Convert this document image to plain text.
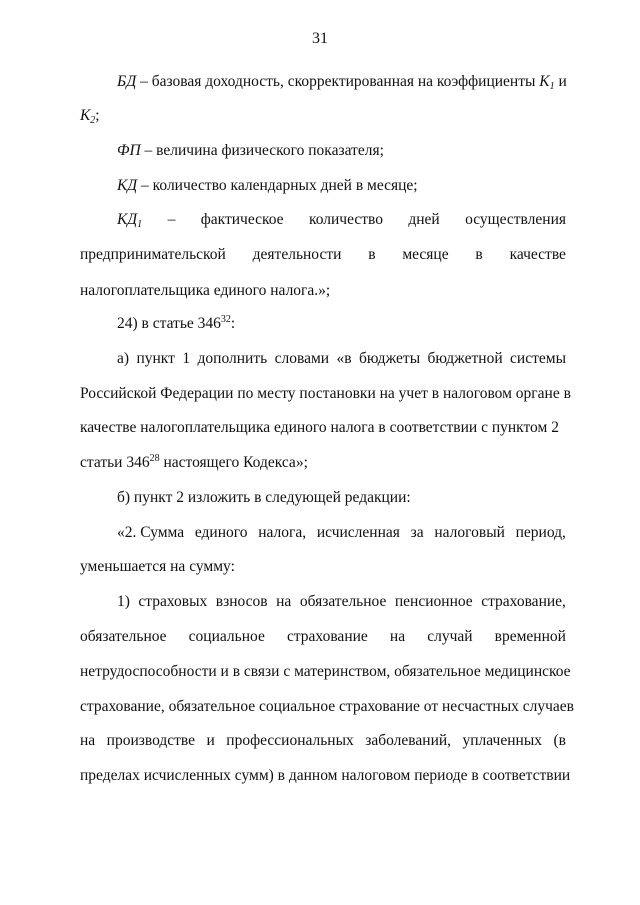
31
БД – базовая доходность, скорректированная на коэффициенты $К_1$ и
$К_2$;
ФП – величина физического показателя;
КД – количество календарных дней в месяце;
$КД_1$ – фактическое количество дней осуществления
предпринимательской деятельности в месяце в качестве
налогоплательщика единого налога.»;
24) в статье $346^{32}$:
а) пункт 1 дополнить словами «в бюджеты бюджетной системы
Российской Федерации по месту постановки на учет в налоговом органе в
качестве налогоплательщика единого налога в соответствии с пунктом 2
статьи $346^{28}$ настоящего Кодекса»;
б) пункт 2 изложить в следующей редакции:
«2. Сумма единого налога, исчисленная за налоговый период,
уменьшается на сумму:
1) страховых взносов на обязательное пенсионное страхование,
обязательное социальное страхование на случай временной
нетрудоспособности и в связи с материнством, обязательное медицинское
страхование, обязательное социальное страхование от несчастных случаев
на производстве и профессиональных заболеваний, уплаченных (в
пределах исчисленных сумм) в данном налоговом периоде в соответствии
